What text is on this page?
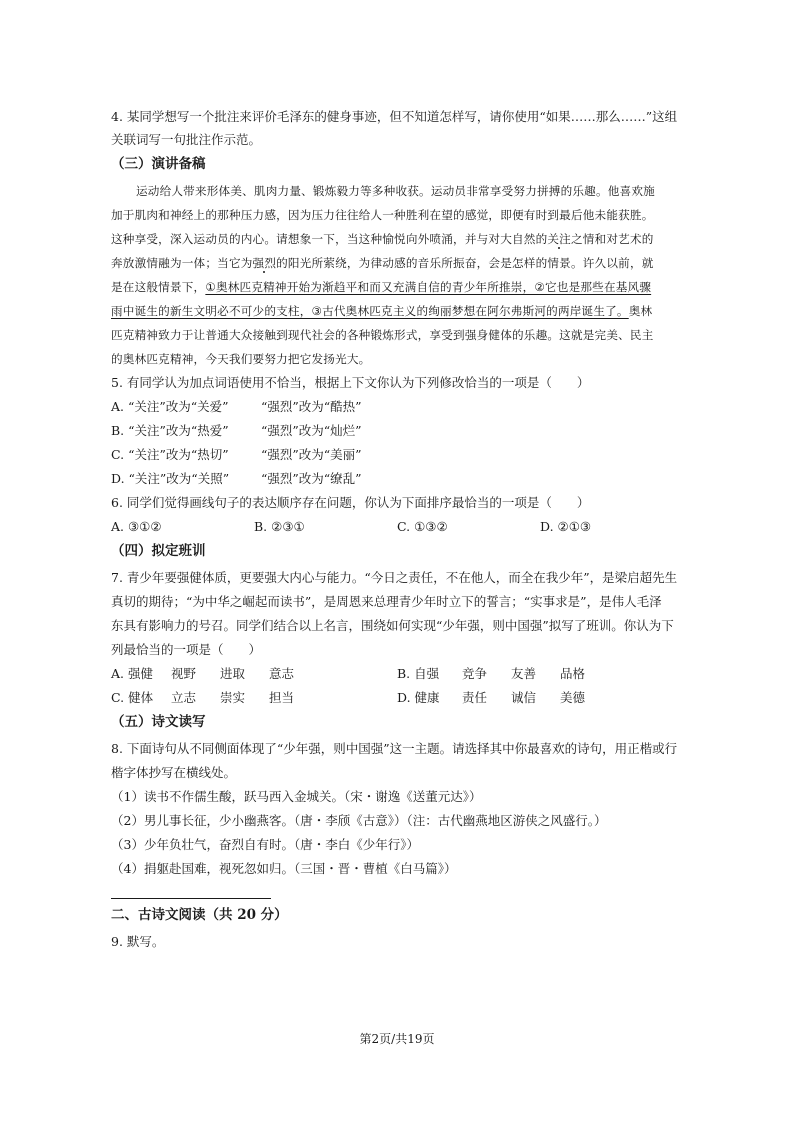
4. 某同学想写一个批注来评价毛泽东的健身事迹，但不知道怎样写，请你使用“如果……那么……”这组
关联词写一句批注作示范。
（三）演讲备稿
运动给人带来形体美、肌肉力量、锻炼毅力等多种收获。运动员非常享受努力拼搏的乐趣。他喜欢施
加于肌肉和神经上的那种压力感，因为压力往往给人一种胜利在望的感觉，即便有时到最后他未能获胜。
这种享受，深入运动员的内心。请想象一下，当这种愉悦向外喷涌，并与对大自然的关注之情和对艺术的
奔放激情融为一体；当它为强烈的阳光所萦绕，为律动感的音乐所振奋，会是怎样的情景。许久以前，就
是在这般情景下，①奥林匹克精神开始为渐趋平和而又充满自信的青少年所推崇，②它也是那些在基风骤
雨中诞生的新生文明必不可少的支柱，③古代奥林匹克主义的绚丽梦想在阿尔弗斯河的两岸诞生了。奥林
匹克精神致力于让普通大众接触到现代社会的各种锻炼形式，享受到强身健体的乐趣。这就是完美、民主
的奥林匹克精神，今天我们要努力把它发扬光大。
5. 有同学认为加点词语使用不恰当，根据上下文你认为下列修改恰当的一项是（　　）
A. “关注”改为“关爱”	“强烈”改为“酷热”
B. “关注”改为“热爱”	“强烈”改为“灿烂”
C. “关注”改为“热切”	“强烈”改为“美丽”
D. “关注”改为“关照”	“强烈”改为“缭乱”
6. 同学们觉得画线句子的表达顺序存在问题，你认为下面排序最恰当的一项是（　　）
A. ③①②	B. ②③①	C. ①③②	D. ②①③
（四）拟定班训
7. 青少年要强健体质，更要强大内心与能力。“今日之责任，不在他人，而全在我少年”，是梁启超先生
真切的期待；“为中华之崛起而读书”，是周恩来总理青少年时立下的誓言；“实事求是”，是伟人毛泽
东具有影响力的号召。同学们结合以上名言，围绕如何实现“少年强，则中国强”拟写了班训。你认为下
列最恰当的一项是（　　）
A. 强健 视野 进取 意志	B. 自强 竞争 友善 品格
C. 健体 立志 崇实 担当	D. 健康 责任 诚信 美德
（五）诗文读写
8. 下面诗句从不同侧面体现了“少年强，则中国强”这一主题。请选择其中你最喜欢的诗句，用正楷或行
楷字体抄写在横线处。
（1）读书不作儒生酸，跃马西入金城关。（宋・谢逸《送董元达》）
（2）男儿事长征，少小幽燕客。（唐・李颀《古意》）（注：古代幽燕地区游侠之风盛行。）
（3）少年负壮气，奋烈自有时。（唐・李白《少年行》）
（4）捐躯赴国难，视死忽如归。（三国・晋・曹植《白马篇》）
二、古诗文阅读（共 20 分）
9. 默写。
第2页/共19页
